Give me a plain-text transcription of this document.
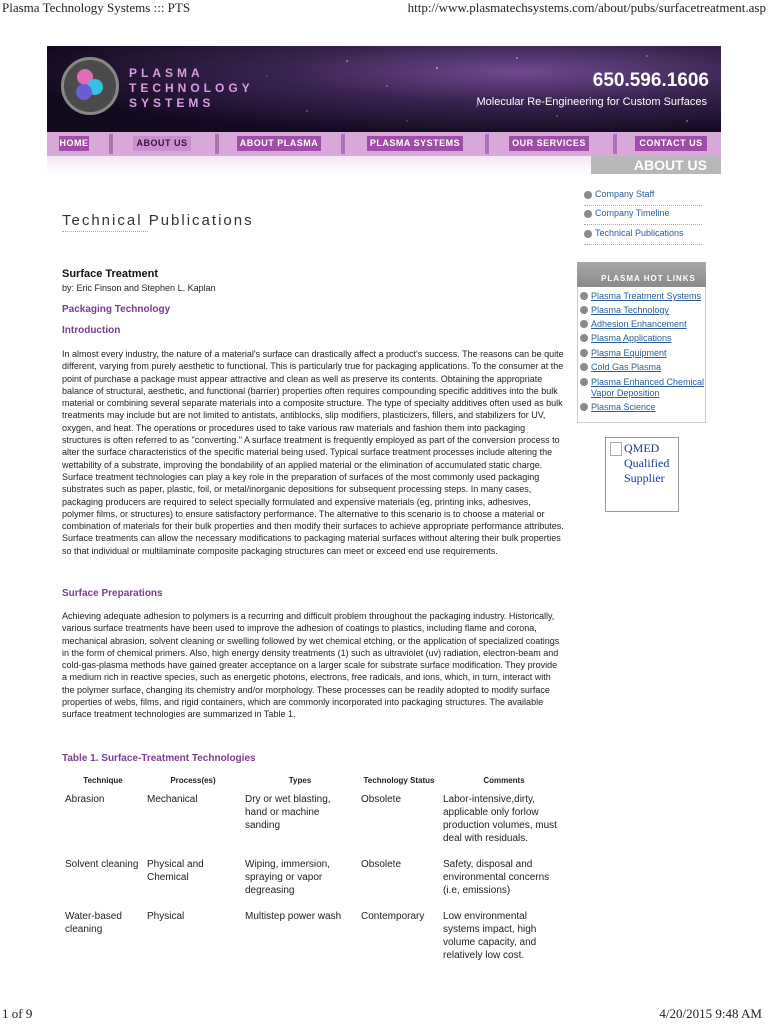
Plasma Technology Systems ::: PTS	http://www.plasmatechsystems.com/about/pubs/surfacetreatment.asp
PLASMA
TECHNOLOGY
SYSTEMS
650.596.1606
Molecular Re-Engineering for Custom Surfaces
HOME	ABOUT US	ABOUT PLASMA	PLASMA SYSTEMS	OUR SERVICES	CONTACT US
ABOUT US
Technical Publications
Surface Treatment
by: Eric Finson and Stephen L. Kaplan
Packaging Technology
Introduction

In almost every industry, the nature of a material's surface can drastically affect a product's success. The reasons can be quite different, varying from purely aesthetic to functional. This is particularly true for packaging applications. To the consumer at the point of purchase a package must appear attractive and clean as well as preserve its contents. Obtaining the appropriate balance of structural, aesthetic, and functional (barrier) properties often requires compounding specific additives into the bulk material or combining several separate materials into a composite structure. The type of specialty additives often used as bulk treatments may include but are not limited to antistats, antiblocks, slip modifiers, plasticizers, fillers, and stabilizers for UV, oxygen, and heat. The operations or procedures used to take various raw materials and fashion them into packaging structures is often referred to as "converting." A surface treatment is frequently employed as part of the conversion process to alter the surface characteristics of the specific material being used. Typical surface treatment processes include altering the wettability of a substrate, improving the bondability of an applied material or the elimination of accumulated static charge. Surface treatment technologies can play a key role in the preparation of surfaces of the most commonly used packaging substrates such as paper, plastic, foil, or metal/inorganic depositions for subsequent processing steps. In many cases, packaging producers are required to select specially formulated and expensive materials (eg, printing inks, adhesives, polymer films, or structures) to ensure satisfactory performance. The alternative to this scenario is to choose a material or combination of materials for their bulk properties and then modify their surfaces to achieve appropriate performance attributes. Surface treatments can allow the necessary modifications to packaging material surfaces without altering their bulk properties so that individual or multilaminate composite packaging structures can meet or exceed end use requirements.

Surface Preparations

Achieving adequate adhesion to polymers is a recurring and difficult problem throughout the packaging industry. Historically, various surface treatments have been used to improve the adhesion of coatings to plastics, including flame and corona, mechanical abrasion, solvent cleaning or swelling followed by wet chemical etching, or the application of specialized coatings in the form of chemical primers. Also, high energy density treatments (1) such as ultraviolet (uv) radiation, electron-beam and cold-gas-plasma methods have gained greater acceptance on a larger scale for substrate surface modification. They provide a medium rich in reactive species, such as energetic photons, electrons, free radicals, and ions, which, in turn, interact with the polymer surface, changing its chemistry and/or morphology. These processes can be readily adopted to modify surface properties of webs, films, and rigid containers, which are commonly incorporated into packaging structures. The available surface treatment technologies are summarized in Table 1.

Table 1. Surface-Treatment Technologies
Technique	Process(es)	Types	Technology Status	Comments
Abrasion	Mechanical	Dry or wet blasting, hand or machine sanding	Obsolete	Labor-intensive,dirty, applicable only forlow production volumes, must deal with residuals.
Solvent cleaning	Physical and Chemical	Wiping, immersion, spraying or vapor degreasing	Obsolete	Safety, disposal and environmental concerns (i.e, emissions)
Water-based cleaning	Physical	Multistep power wash	Contemporary	Low environmental systems impact, high volume capacity, and relatively low cost.
Company Staff
Company Timeline
Technical Publications
PLASMA HOT LINKS
Plasma Treatment Systems
Plasma Technology
Adhesion Enhancement
Plasma Applications
Plasma Equipment
Cold Gas Plasma
Plasma Enhanced Chemical Vapor Deposition
Plasma Science
QMED
Qualified
Supplier
1 of 9	4/20/2015 9:48 AM
